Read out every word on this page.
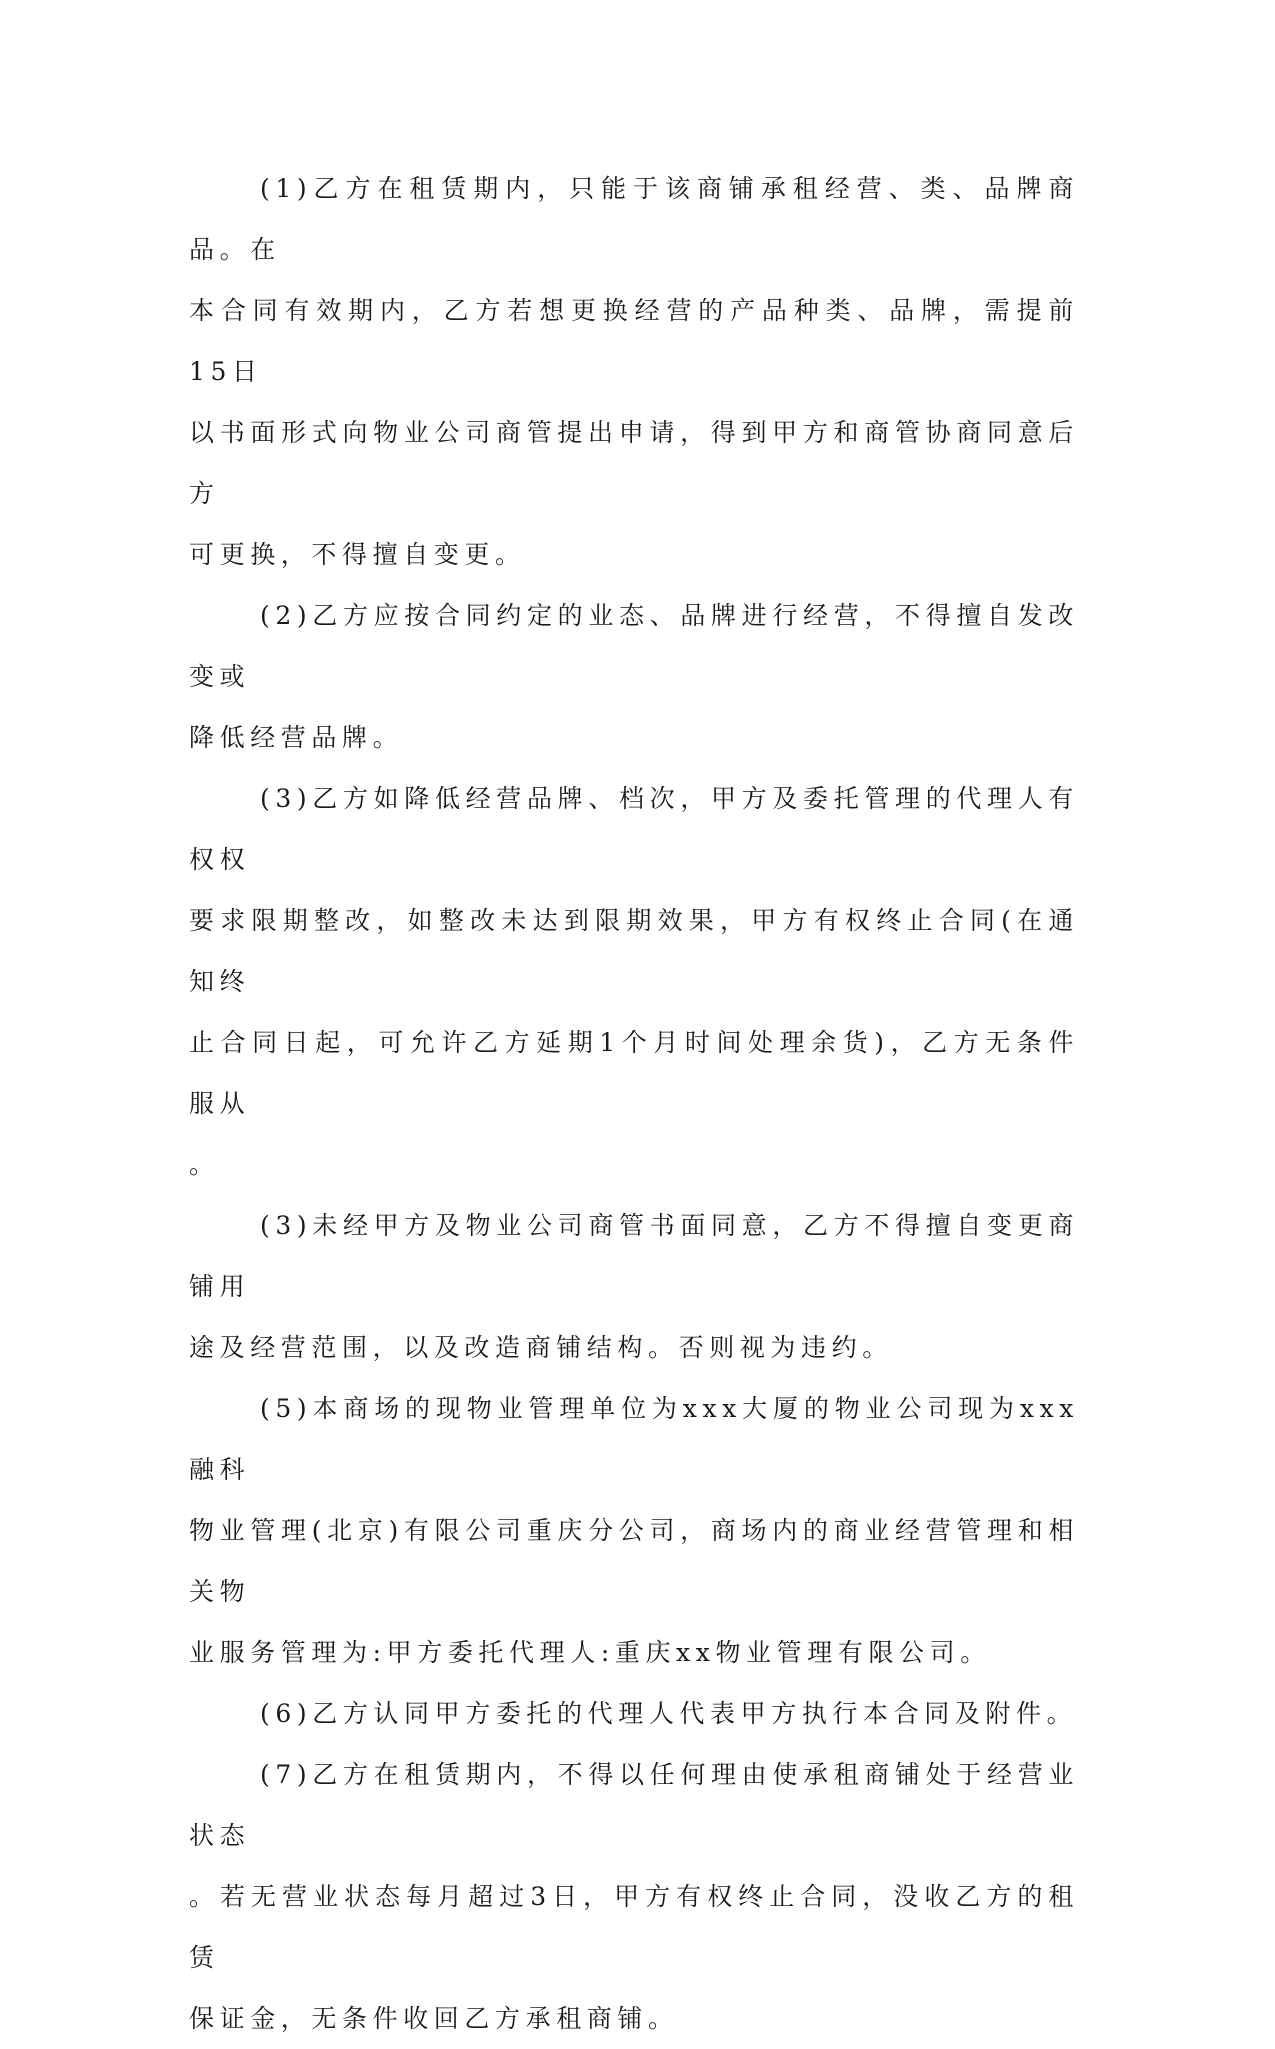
(1)乙方在租赁期内，只能于该商铺承租经营、类、品牌商品。在
本合同有效期内，乙方若想更换经营的产品种类、品牌，需提前15日
以书面形式向物业公司商管提出申请，得到甲方和商管协商同意后方
可更换，不得擅自变更。

(2)乙方应按合同约定的业态、品牌进行经营，不得擅自发改变或
降低经营品牌。

(3)乙方如降低经营品牌、档次，甲方及委托管理的代理人有权权
要求限期整改，如整改未达到限期效果，甲方有权终止合同(在通知终
止合同日起，可允许乙方延期1个月时间处理余货)，乙方无条件服从
。

(3)未经甲方及物业公司商管书面同意，乙方不得擅自变更商铺用
途及经营范围，以及改造商铺结构。否则视为违约。

(5)本商场的现物业管理单位为xxx大厦的物业公司现为xxx融科
物业管理(北京)有限公司重庆分公司，商场内的商业经营管理和相关物
业服务管理为:甲方委托代理人:重庆xx物业管理有限公司。

(6)乙方认同甲方委托的代理人代表甲方执行本合同及附件。

(7)乙方在租赁期内，不得以任何理由使承租商铺处于经营业状态
。若无营业状态每月超过3日，甲方有权终止合同，没收乙方的租赁
保证金，无条件收回乙方承租商铺。
